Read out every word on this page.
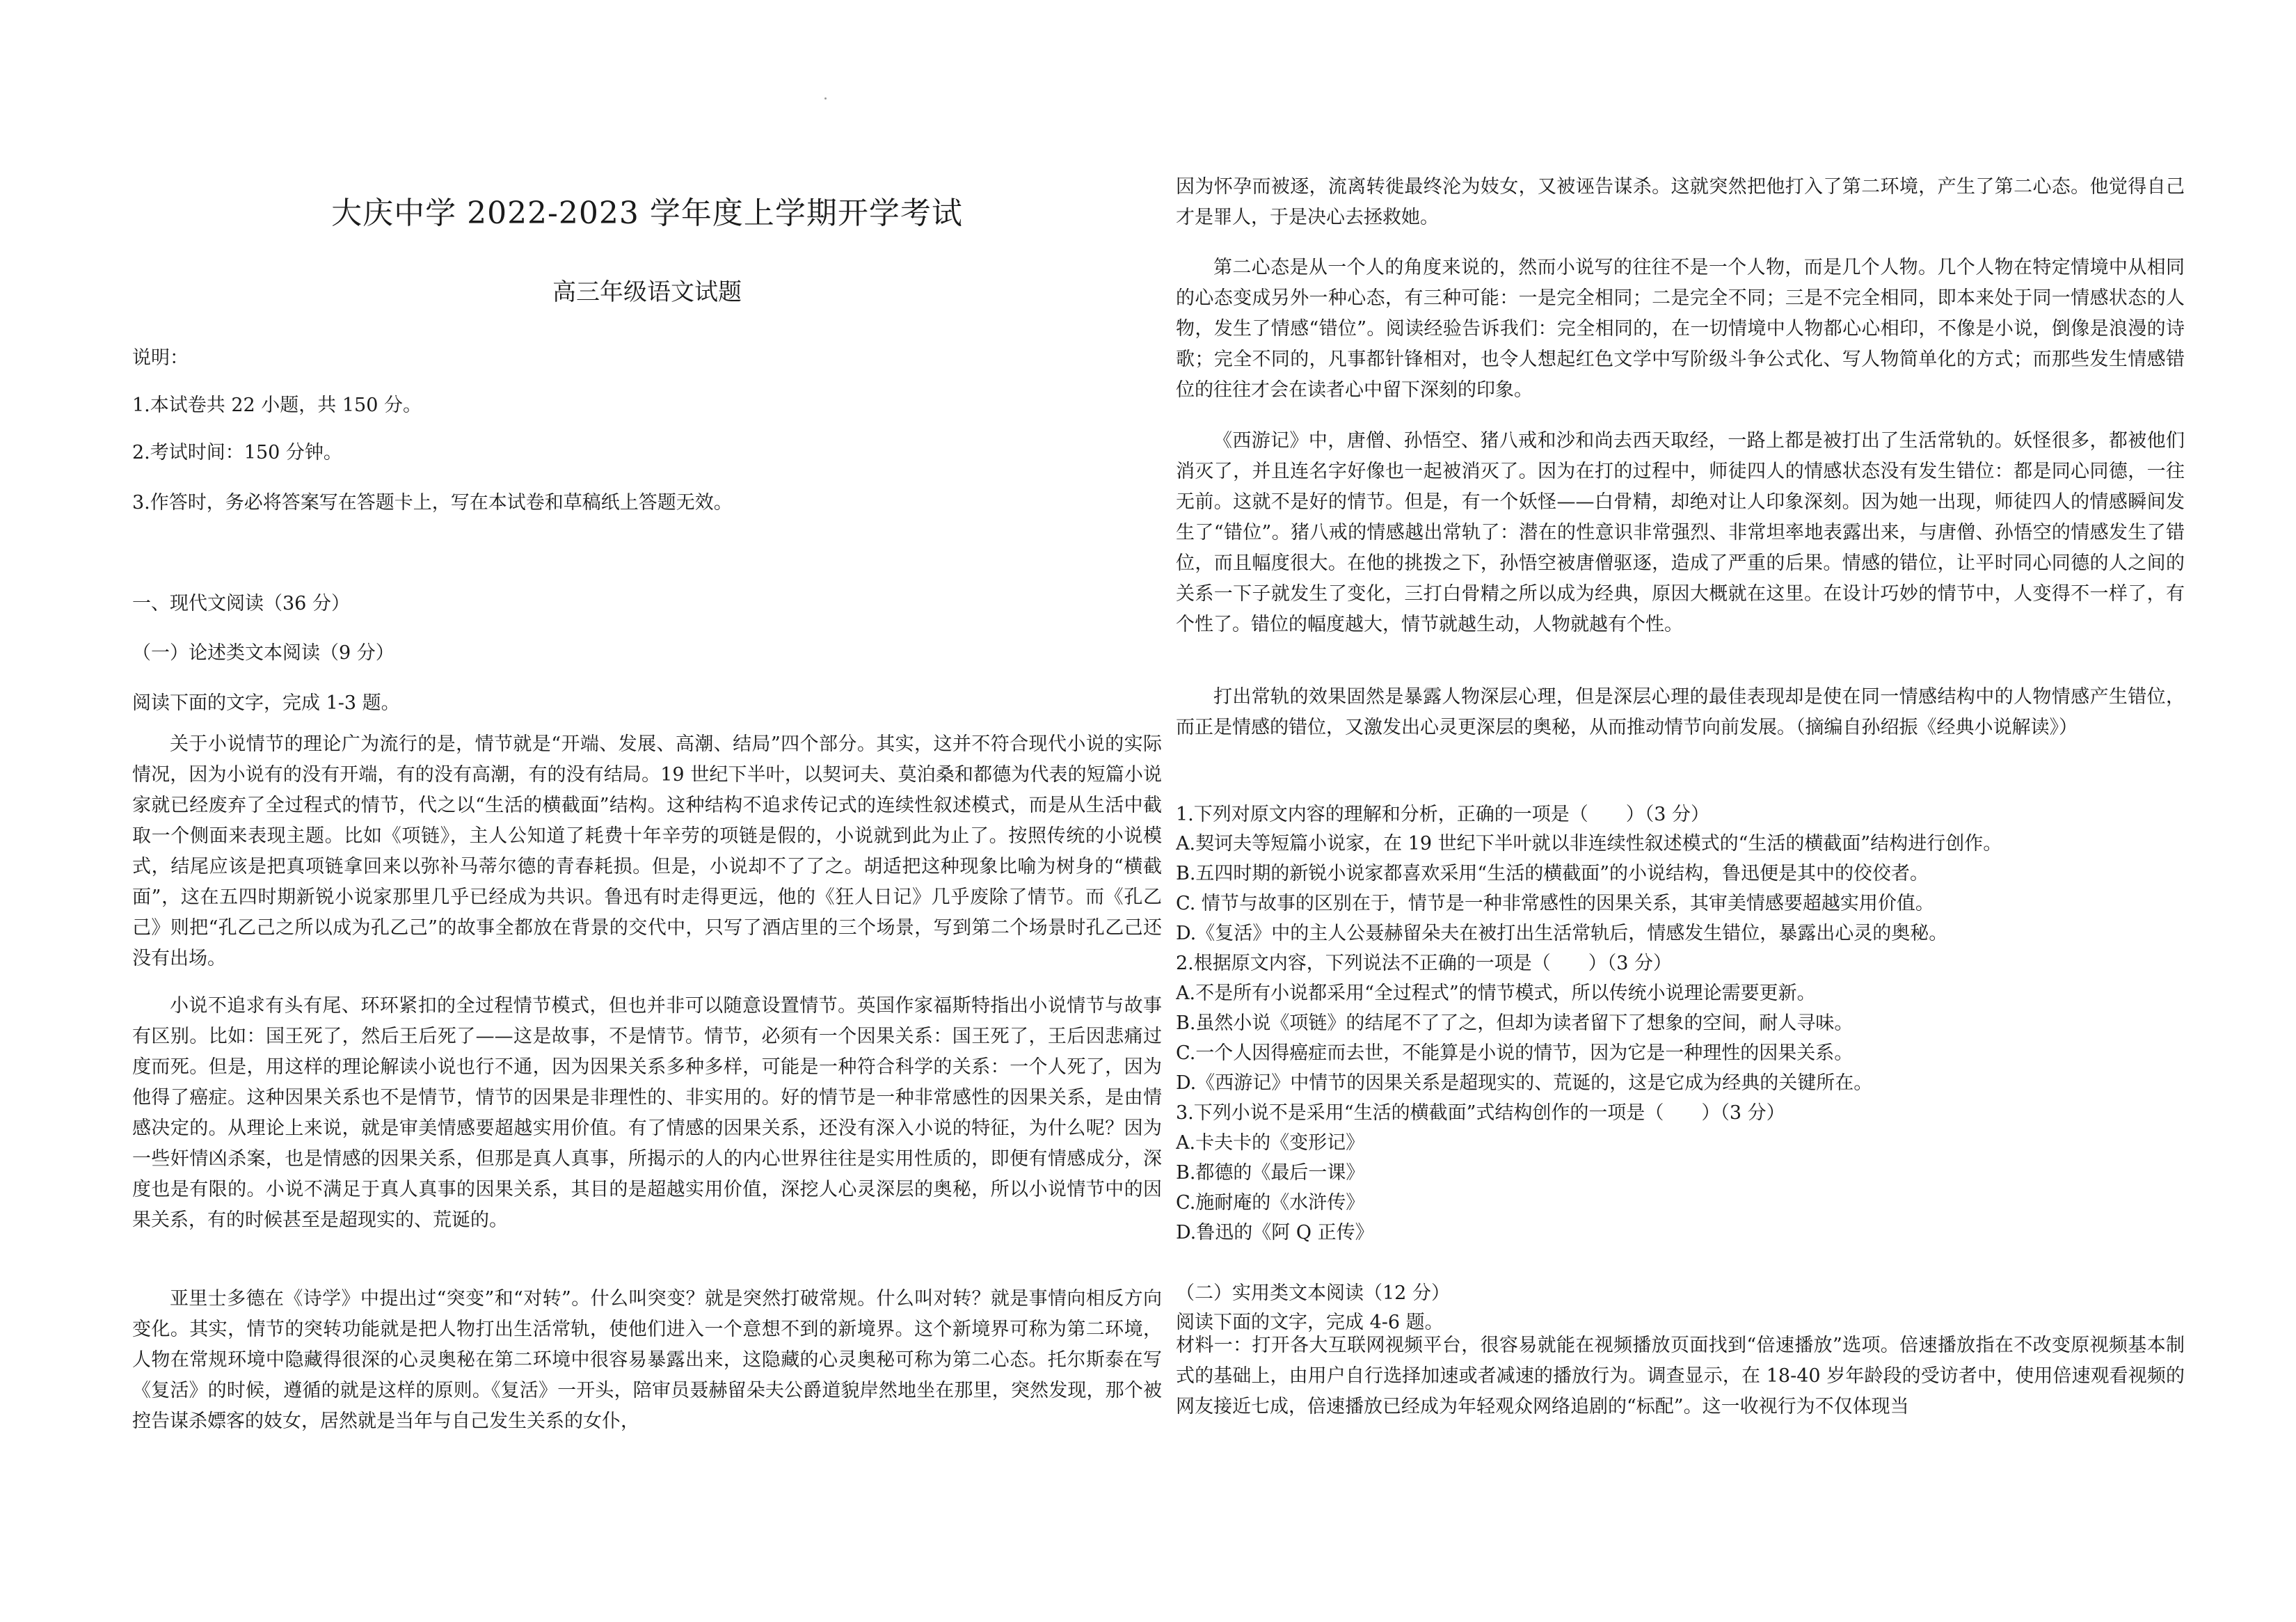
大庆中学 2022-2023 学年度上学期开学考试
高三年级语文试题
说明：
1.本试卷共 22 小题，共 150 分。
2.考试时间：150 分钟。
3.作答时，务必将答案写在答题卡上，写在本试卷和草稿纸上答题无效。
一、现代文阅读（36 分）
（一）论述类文本阅读（9 分）
阅读下面的文字，完成 1-3 题。
关于小说情节的理论广为流行的是，情节就是“开端、发展、高潮、结局”四个部分。其实，这并不符合现代小说的实际情况，因为小说有的没有开端，有的没有高潮，有的没有结局。19 世纪下半叶，以契诃夫、莫泊桑和都德为代表的短篇小说家就已经废弃了全过程式的情节，代之以“生活的横截面”结构。这种结构不追求传记式的连续性叙述模式，而是从生活中截取一个侧面来表现主题。比如《项链》，主人公知道了耗费十年辛劳的项链是假的，小说就到此为止了。按照传统的小说模式，结尾应该是把真项链拿回来以弥补马蒂尔德的青春耗损。但是，小说却不了了之。胡适把这种现象比喻为树身的“横截面”，这在五四时期新锐小说家那里几乎已经成为共识。鲁迅有时走得更远，他的《狂人日记》几乎废除了情节。而《孔乙己》则把“孔乙己之所以成为孔乙己”的故事全都放在背景的交代中，只写了酒店里的三个场景，写到第二个场景时孔乙己还没有出场。
小说不追求有头有尾、环环紧扣的全过程情节模式，但也并非可以随意设置情节。英国作家福斯特指出小说情节与故事有区别。比如：国王死了，然后王后死了——这是故事，不是情节。情节，必须有一个因果关系：国王死了，王后因悲痛过度而死。但是，用这样的理论解读小说也行不通，因为因果关系多种多样，可能是一种符合科学的关系：一个人死了，因为他得了癌症。这种因果关系也不是情节，情节的因果是非理性的、非实用的。好的情节是一种非常感性的因果关系，是由情感决定的。从理论上来说，就是审美情感要超越实用价值。有了情感的因果关系，还没有深入小说的特征，为什么呢？因为一些奸情凶杀案，也是情感的因果关系，但那是真人真事，所揭示的人的内心世界往往是实用性质的，即便有情感成分，深度也是有限的。小说不满足于真人真事的因果关系，其目的是超越实用价值，深挖人心灵深层的奥秘，所以小说情节中的因果关系，有的时候甚至是超现实的、荒诞的。
亚里士多德在《诗学》中提出过“突变”和“对转”。什么叫突变？就是突然打破常规。什么叫对转？就是事情向相反方向变化。其实，情节的突转功能就是把人物打出生活常轨，使他们进入一个意想不到的新境界。这个新境界可称为第二环境，人物在常规环境中隐藏得很深的心灵奥秘在第二环境中很容易暴露出来，这隐藏的心灵奥秘可称为第二心态。托尔斯泰在写《复活》的时候，遵循的就是这样的原则。《复活》一开头，陪审员聂赫留朵夫公爵道貌岸然地坐在那里，突然发现，那个被控告谋杀嫖客的妓女，居然就是当年与自己发生关系的女仆，
因为怀孕而被逐，流离转徙最终沦为妓女，又被诬告谋杀。这就突然把他打入了第二环境，产生了第二心态。他觉得自己才是罪人，于是决心去拯救她。
第二心态是从一个人的角度来说的，然而小说写的往往不是一个人物，而是几个人物。几个人物在特定情境中从相同的心态变成另外一种心态，有三种可能：一是完全相同；二是完全不同；三是不完全相同，即本来处于同一情感状态的人物，发生了情感“错位”。阅读经验告诉我们：完全相同的，在一切情境中人物都心心相印，不像是小说，倒像是浪漫的诗歌；完全不同的，凡事都针锋相对，也令人想起红色文学中写阶级斗争公式化、写人物简单化的方式；而那些发生情感错位的往往才会在读者心中留下深刻的印象。
《西游记》中，唐僧、孙悟空、猪八戒和沙和尚去西天取经，一路上都是被打出了生活常轨的。妖怪很多，都被他们消灭了，并且连名字好像也一起被消灭了。因为在打的过程中，师徒四人的情感状态没有发生错位：都是同心同德，一往无前。这就不是好的情节。但是，有一个妖怪——白骨精，却绝对让人印象深刻。因为她一出现，师徒四人的情感瞬间发生了“错位”。猪八戒的情感越出常轨了：潜在的性意识非常强烈、非常坦率地表露出来，与唐僧、孙悟空的情感发生了错位，而且幅度很大。在他的挑拨之下，孙悟空被唐僧驱逐，造成了严重的后果。情感的错位，让平时同心同德的人之间的关系一下子就发生了变化，三打白骨精之所以成为经典，原因大概就在这里。在设计巧妙的情节中，人变得不一样了，有个性了。错位的幅度越大，情节就越生动，人物就越有个性。
打出常轨的效果固然是暴露人物深层心理，但是深层心理的最佳表现却是使在同一情感结构中的人物情感产生错位，而正是情感的错位，又激发出心灵更深层的奥秘，从而推动情节向前发展。（摘编自孙绍振《经典小说解读》）
1.下列对原文内容的理解和分析，正确的一项是（　　）（3 分）
A.契诃夫等短篇小说家，在 19 世纪下半叶就以非连续性叙述模式的“生活的横截面”结构进行创作。
B.五四时期的新锐小说家都喜欢采用“生活的横截面”的小说结构，鲁迅便是其中的佼佼者。
C. 情节与故事的区别在于，情节是一种非常感性的因果关系，其审美情感要超越实用价值。
D.《复活》中的主人公聂赫留朵夫在被打出生活常轨后，情感发生错位，暴露出心灵的奥秘。
2.根据原文内容，下列说法不正确的一项是（　　）（3 分）
A.不是所有小说都采用“全过程式”的情节模式，所以传统小说理论需要更新。
B.虽然小说《项链》的结尾不了了之，但却为读者留下了想象的空间，耐人寻味。
C.一个人因得癌症而去世，不能算是小说的情节，因为它是一种理性的因果关系。
D.《西游记》中情节的因果关系是超现实的、荒诞的，这是它成为经典的关键所在。
3.下列小说不是采用“生活的横截面”式结构创作的一项是（　　）（3 分）
A.卡夫卡的《变形记》
B.都德的《最后一课》
C.施耐庵的《水浒传》
D.鲁迅的《阿 Q 正传》
（二）实用类文本阅读（12 分）
阅读下面的文字，完成 4-6 题。
材料一：打开各大互联网视频平台，很容易就能在视频播放页面找到“倍速播放”选项。倍速播放指在不改变原视频基本制式的基础上，由用户自行选择加速或者减速的播放行为。调查显示，在 18-40 岁年龄段的受访者中，使用倍速观看视频的网友接近七成，倍速播放已经成为年轻观众网络追剧的“标配”。这一收视行为不仅体现当
